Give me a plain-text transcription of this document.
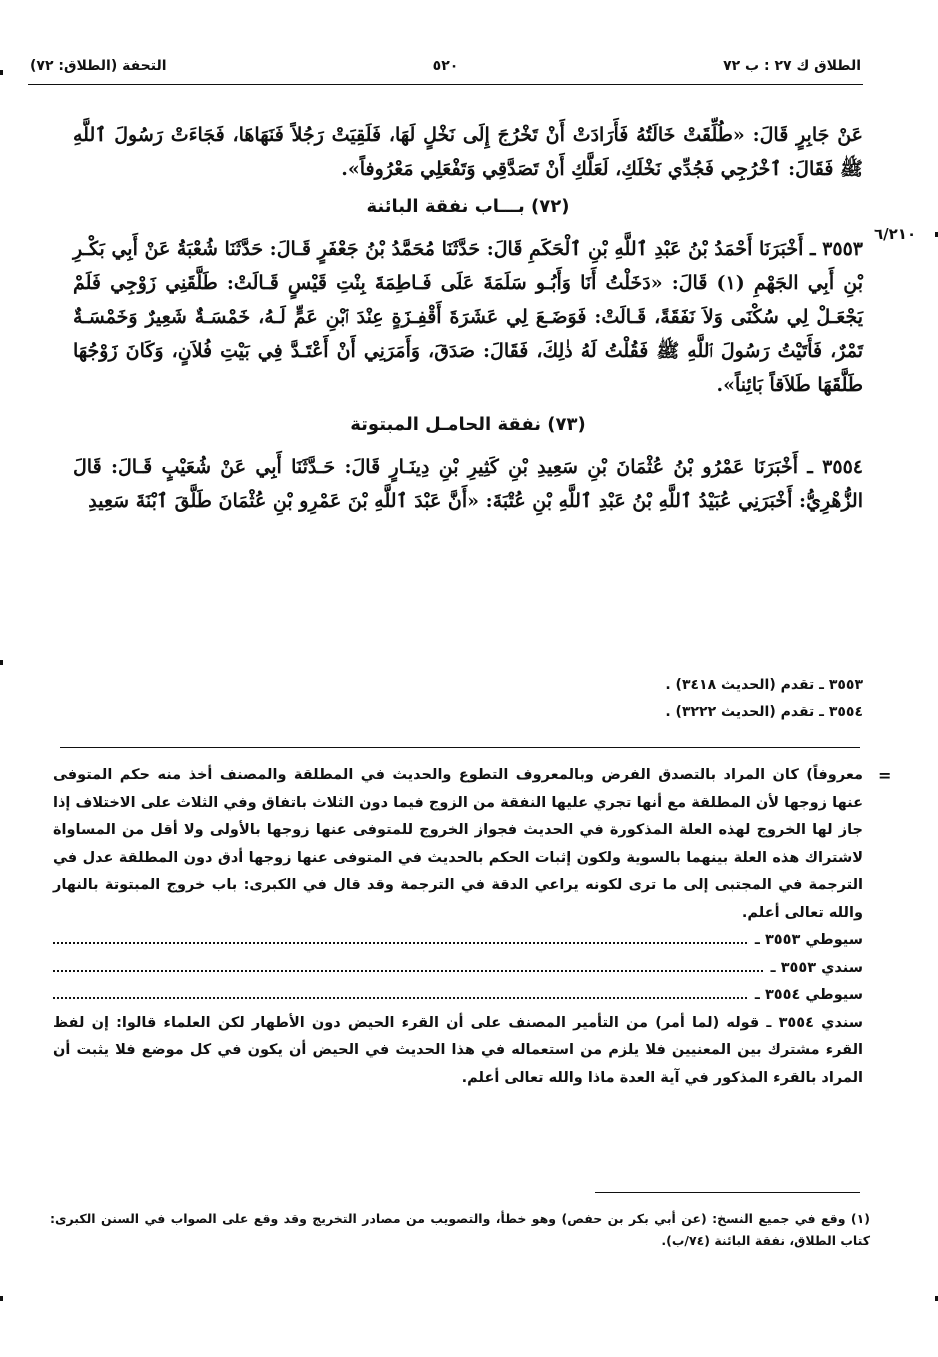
الطلاق ك ٢٧ : ب ٧٢
٥٢٠
التحفة (الطلاق: ٧٢)
٦/٢١٠

عَنْ جَابِرٍ قَالَ: «طُلِّقَتْ خَالَتُهُ فَأَرَادَتْ أَنْ تَخْرُجَ إِلَى نَخْلٍ لَهَا، فَلَقِيَتْ رَجُلاً فَنَهَاهَا، فَجَاءَتْ رَسُولَ ٱللَّهِ ﷺ فَقَالَ: ٱخْرُجِي فَجُدِّي نَخْلَكِ، لَعَلَّكِ أَنْ تَصَدَّقِي وَتَفْعَلِي مَعْرُوفاً».

(٧٢) بـــاب نفقة البائنة

٣٥٥٣ ـ أَخْبَرَنَا أَحْمَدُ بْنُ عَبْدِ ٱللَّهِ بْنِ ٱلْحَكَمِ قَالَ: حَدَّثَنَا مُحَمَّدُ بْنُ جَعْفَرٍ قَـالَ: حَدَّثَنَا شُعْبَةُ عَنْ أَبِي بَكْـرِ بْنِ أَبِي الجَهْمِ (١) قَالَ: «دَخَلْتُ أَنَا وَأَبُـو سَلَمَةَ عَلَى فَـاطِمَةَ بِنْتِ قَيْسٍ قَـالَتْ: طَلَّقَنِي زَوْجِي فَلَمْ يَجْعَـلْ لِي سُكْنَى وَلاَ نَفَقَةً، قَـالَتْ: فَوَضَـعَ لِي عَشَرَةَ أَقْفِـزَةٍ عِنْدَ ٱبْنِ عَمٍّ لَـهُ، خَمْسَـةٌ شَعِيرٌ وَخَمْسَـةٌ تَمْرٌ، فَأَتَيْتُ رَسُولَ ٱللَّهِ ﷺ فَقُلْتُ لَهُ ذٰلِكَ، فَقَالَ: صَدَقَ، وَأَمَرَنِي أَنْ أَعْتَـدَّ فِي بَيْتِ فُلاَنٍ، وَكَانَ زَوْجُهَا طَلَّقَهَا طَلاَقاً بَائِناً».

(٧٣) نفقة الحامـل المبتوتة

٣٥٥٤ ـ أَخْبَرَنَا عَمْرُو بْنُ عُثْمَانَ بْنِ سَعِيدِ بْنِ كَثِيرِ بْنِ دِينَـارٍ قَالَ: حَـدَّثَنَا أَبِي عَنْ شُعَيْبٍ قَـالَ: قَالَ الزُّهْرِيُّ: أَخْبَرَنِي عُبَيْدُ ٱللَّهِ بْنُ عَبْدِ ٱللَّهِ بْنِ عُتْبَةَ: «أَنَّ عَبْدَ ٱللَّهِ بْنَ عَمْرِو بْنِ عُثْمَانَ طَلَّقَ ٱبْنَةَ سَعِيدِ

٣٥٥٣ ـ تقدم (الحديث ٣٤١٨) .
٣٥٥٤ ـ تقدم (الحديث ٣٢٢٢) .
=

معروفاً) كان المراد بالتصدق الفرض وبالمعروف التطوع والحديث في المطلقة والمصنف أخذ منه حكم المتوفى عنها زوجها لأن المطلقة مع أنها تجري عليها النفقة من الزوج فيما دون الثلاث باتفاق وفي الثلاث على الاختلاف إذا جاز لها الخروج لهذه العلة المذكورة في الحديث فجواز الخروج للمتوفى عنها زوجها بالأولى ولا أقل من المساواة لاشتراك هذه العلة بينهما بالسوية ولكون إثبات الحكم بالحديث في المتوفى عنها زوجها أدق دون المطلقة عدل في الترجمة في المجتبى إلى ما ترى لكونه يراعي الدقة في الترجمة وقد قال في الكبرى: باب خروج المبتوتة بالنهار والله تعالى أعلم.

سيوطي ٣٥٥٣ ـ
سندي ٣٥٥٣ ـ
سيوطي ٣٥٥٤ ـ

سندي ٣٥٥٤ ـ قوله (لما أمر) من التأمير المصنف على أن القرء الحيض دون الأطهار لكن العلماء قالوا: إن لفظ القرء مشترك بين المعنيين فلا يلزم من استعماله في هذا الحديث في الحيض أن يكون في كل موضع فلا يثبت أن المراد بالقرء المذكور في آية العدة ماذا والله تعالى أعلم.

(١) وقع في جميع النسخ: (عن أبي بكر بن حفص) وهو خطأ، والتصويب من مصادر التخريج وقد وقع على الصواب في السنن الكبرى: كتاب الطلاق، نفقة البائنة (٧٤/ب).
